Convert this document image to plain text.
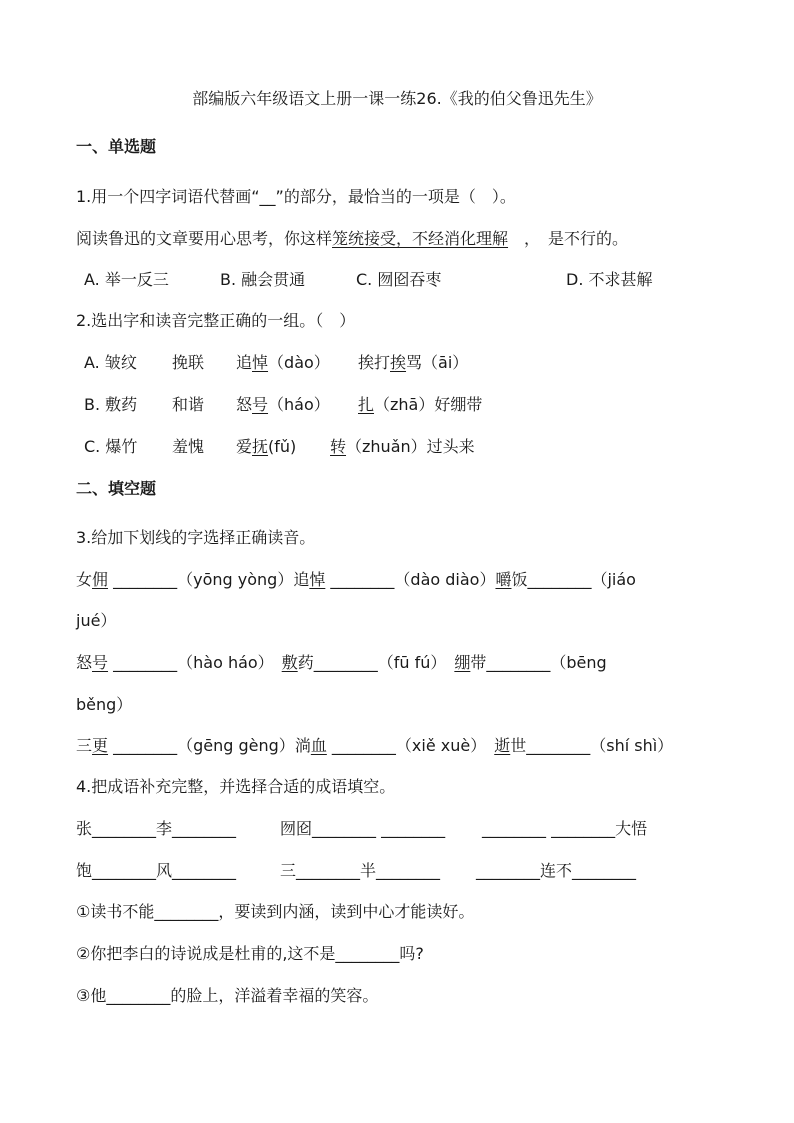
部编版六年级语文上册一课一练26.《我的伯父鲁迅先生》
一、单选题
1.用一个四字词语代替画“__”的部分，最恰当的一项是（　）。
阅读鲁迅的文章要用心思考，你这样笼统接受，不经消化理解　，　是不行的。
A. 举一反三	B. 融会贯通	C. 囫囵吞枣	D. 不求甚解
2.选出字和读音完整正确的一组。（　）
A. 皱纹 挽联 追悼（dào） 挨打挨骂（āi）
B. 敷药 和谐 怒号（háo） 扎（zhā）好绷带
C. 爆竹 羞愧 爱抚(fǔ) 转（zhuǎn）过头来
二、填空题
3.给加下划线的字选择正确读音。
女佣 ________（yōng yòng）追悼 ________（dào diào）嚼饭________（jiáo
jué）
怒号 ________（hào háo）　敷药________（fū fú）　绷带________（bēng
běng）
三更 ________（gēng gèng）淌血 ________（xiě xuè）　逝世________（shí shì）
4.把成语补充完整，并选择合适的成语填空。
张________李________	囫囵________ ________ ________ ________大悟
饱________风________	三________半________ ________连不________
①读书不能________，要读到内涵，读到中心才能读好。
②你把李白的诗说成是杜甫的,这不是________吗?
③他________的脸上，洋溢着幸福的笑容。
